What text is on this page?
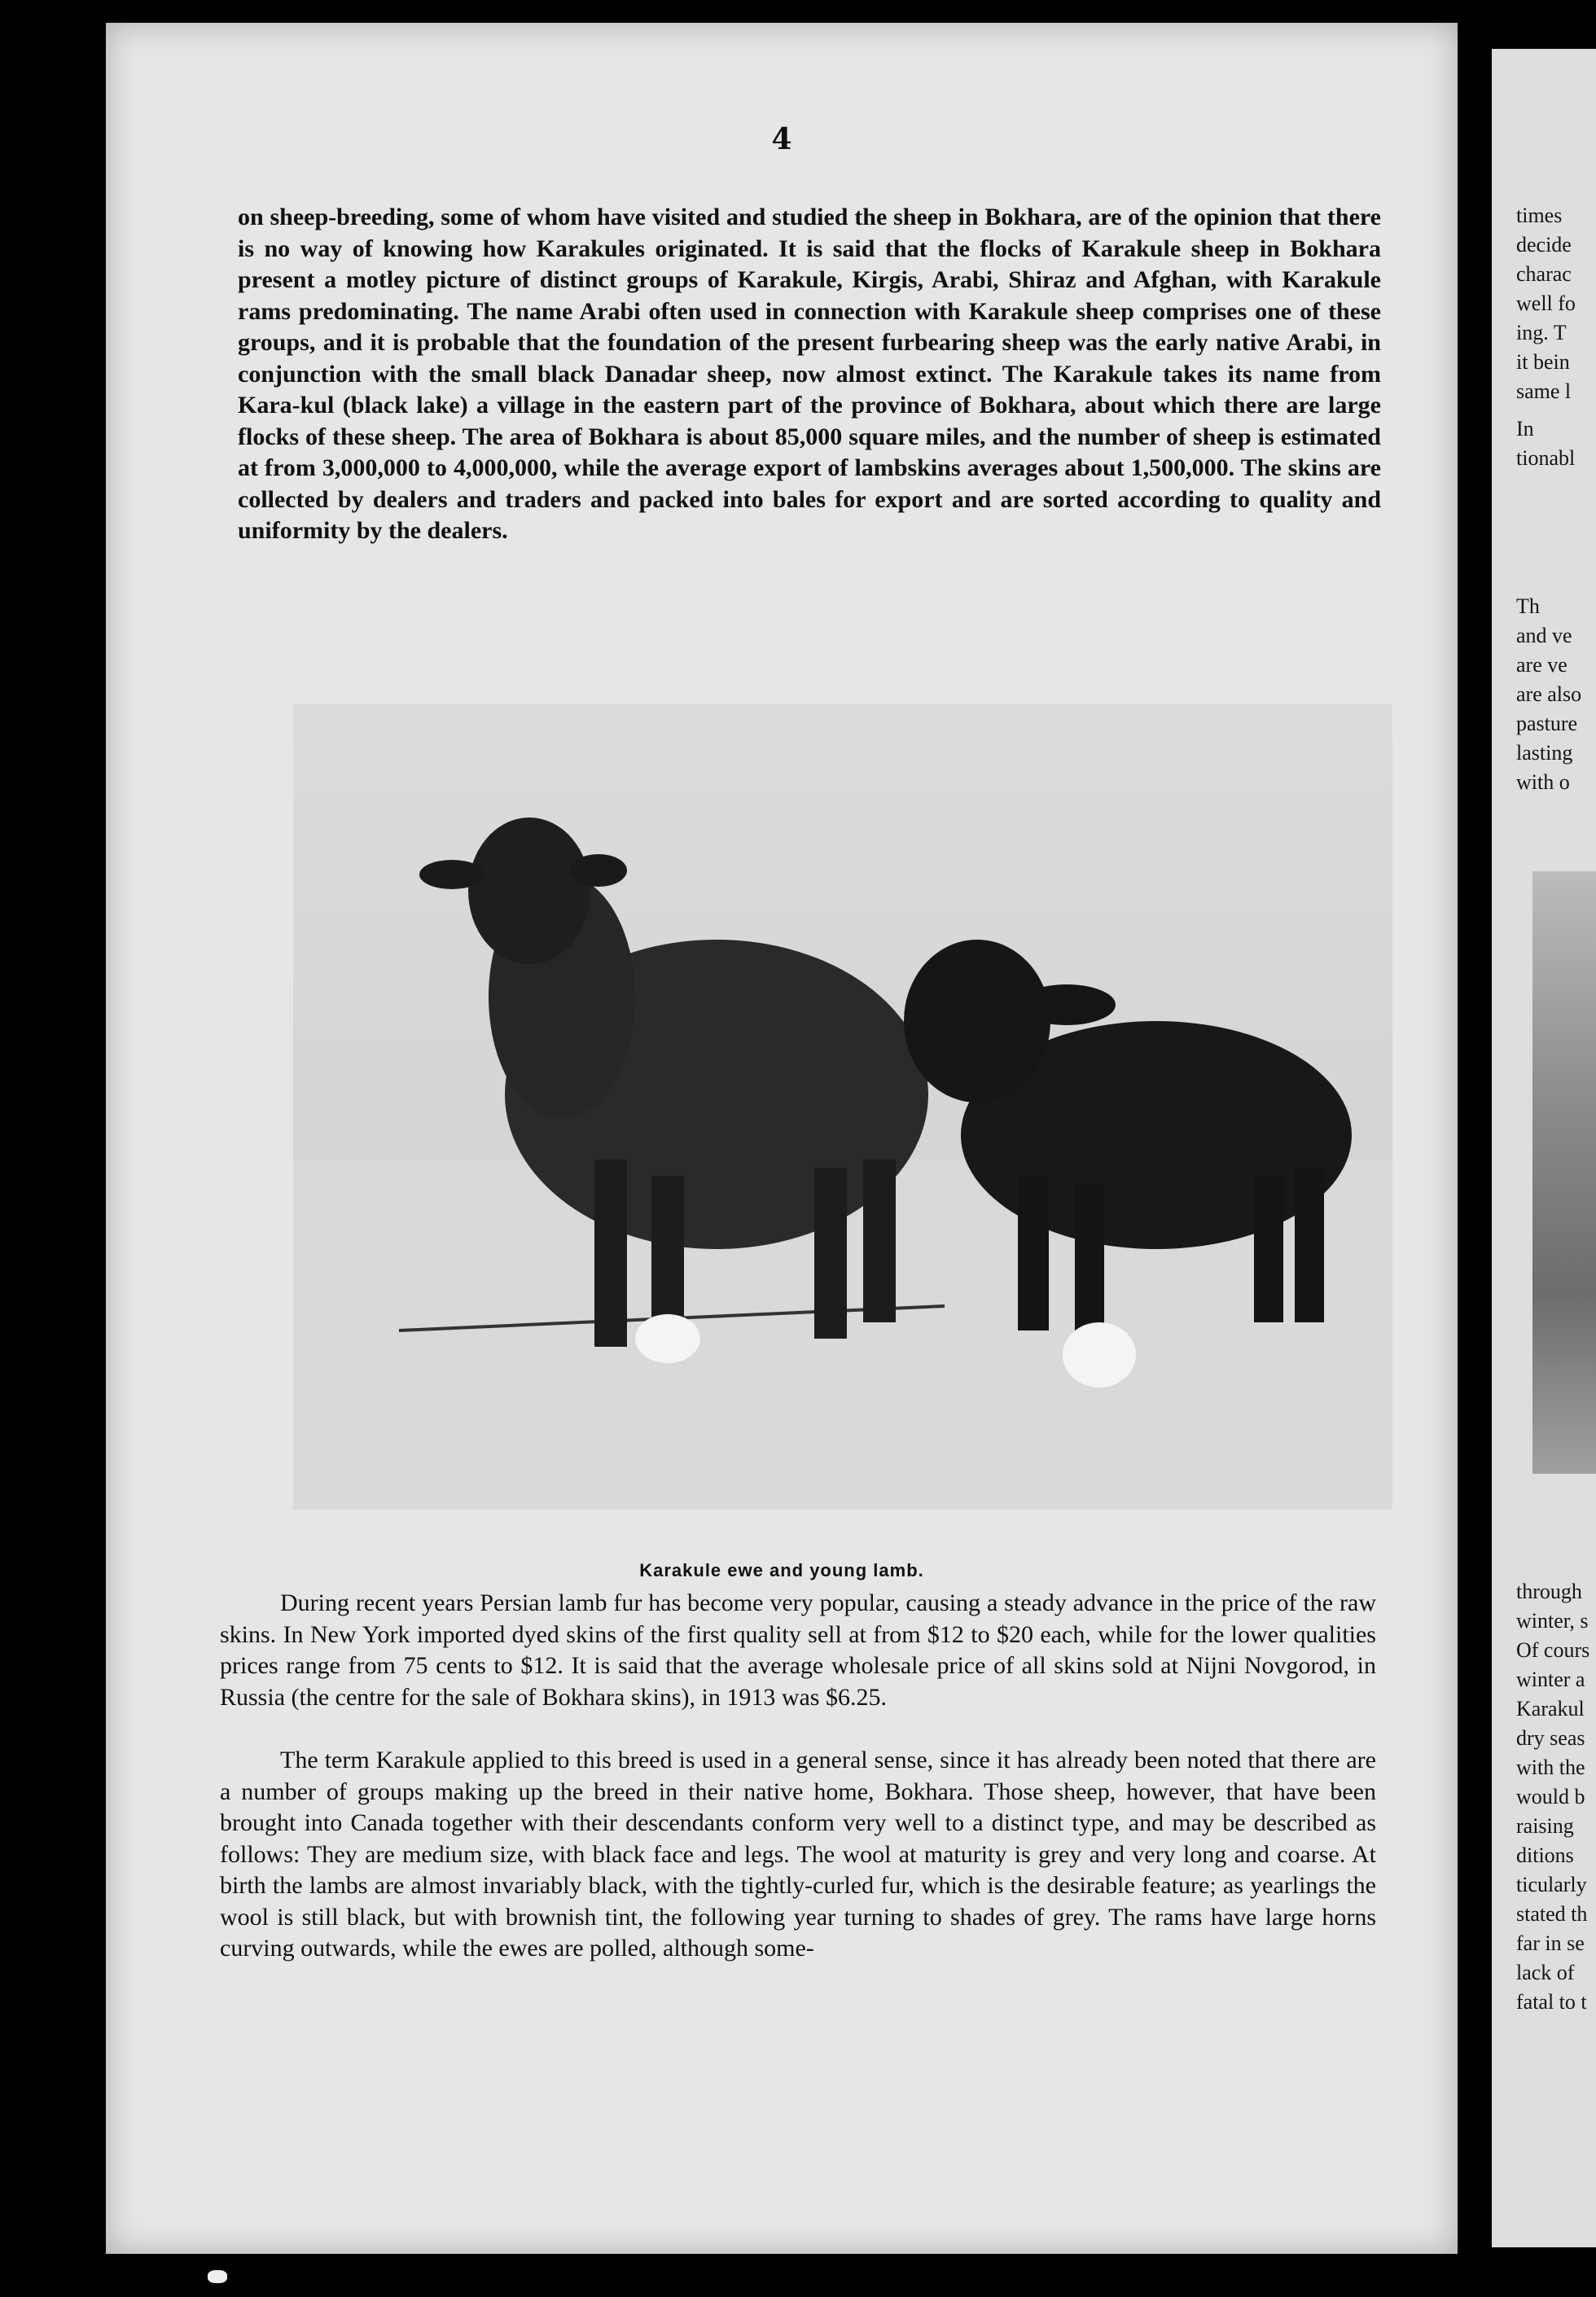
4

on sheep-breeding, some of whom have visited and studied the sheep in Bokhara, are of the opinion that there is no way of knowing how Karakules originated. It is said that the flocks of Karakule sheep in Bokhara present a motley picture of distinct groups of Karakule, Kirgis, Arabi, Shiraz and Afghan, with Karakule rams predominating. The name Arabi often used in connection with Karakule sheep comprises one of these groups, and it is probable that the foundation of the present furbearing sheep was the early native Arabi, in conjunction with the small black Danadar sheep, now almost extinct. The Karakule takes its name from Kara-kul (black lake) a village in the eastern part of the province of Bokhara, about which there are large flocks of these sheep. The area of Bokhara is about 85,000 square miles, and the number of sheep is estimated at from 3,000,000 to 4,000,000, while the average export of lambskins averages about 1,500,000. The skins are collected by dealers and traders and packed into bales for export and are sorted according to quality and uniformity by the dealers.

Karakule ewe and young lamb.

During recent years Persian lamb fur has become very popular, causing a steady advance in the price of the raw skins. In New York imported dyed skins of the first quality sell at from $12 to $20 each, while for the lower qualities prices range from 75 cents to $12. It is said that the average wholesale price of all skins sold at Nijni Novgorod, in Russia (the centre for the sale of Bokhara skins), in 1913 was $6.25.

The term Karakule applied to this breed is used in a general sense, since it has already been noted that there are a number of groups making up the breed in their native home, Bokhara. Those sheep, however, that have been brought into Canada together with their descendants conform very well to a distinct type, and may be described as follows: They are medium size, with black face and legs. The wool at maturity is grey and very long and coarse. At birth the lambs are almost invariably black, with the tightly-curled fur, which is the desirable feature; as yearlings the wool is still black, but with brownish tint, the following year turning to shades of grey. The rams have large horns curving outwards, while the ewes are polled, although some-

times

decide

charac

well fo

ing. T

it bein

same l

In

tionabl

Th

and ve

are ve

are also

pasture

lasting

with o

through

winter, s

Of cours

winter a

Karakul

dry seas

with the

would b

raising

ditions

ticularly

stated th

far in se

lack of

fatal to t
